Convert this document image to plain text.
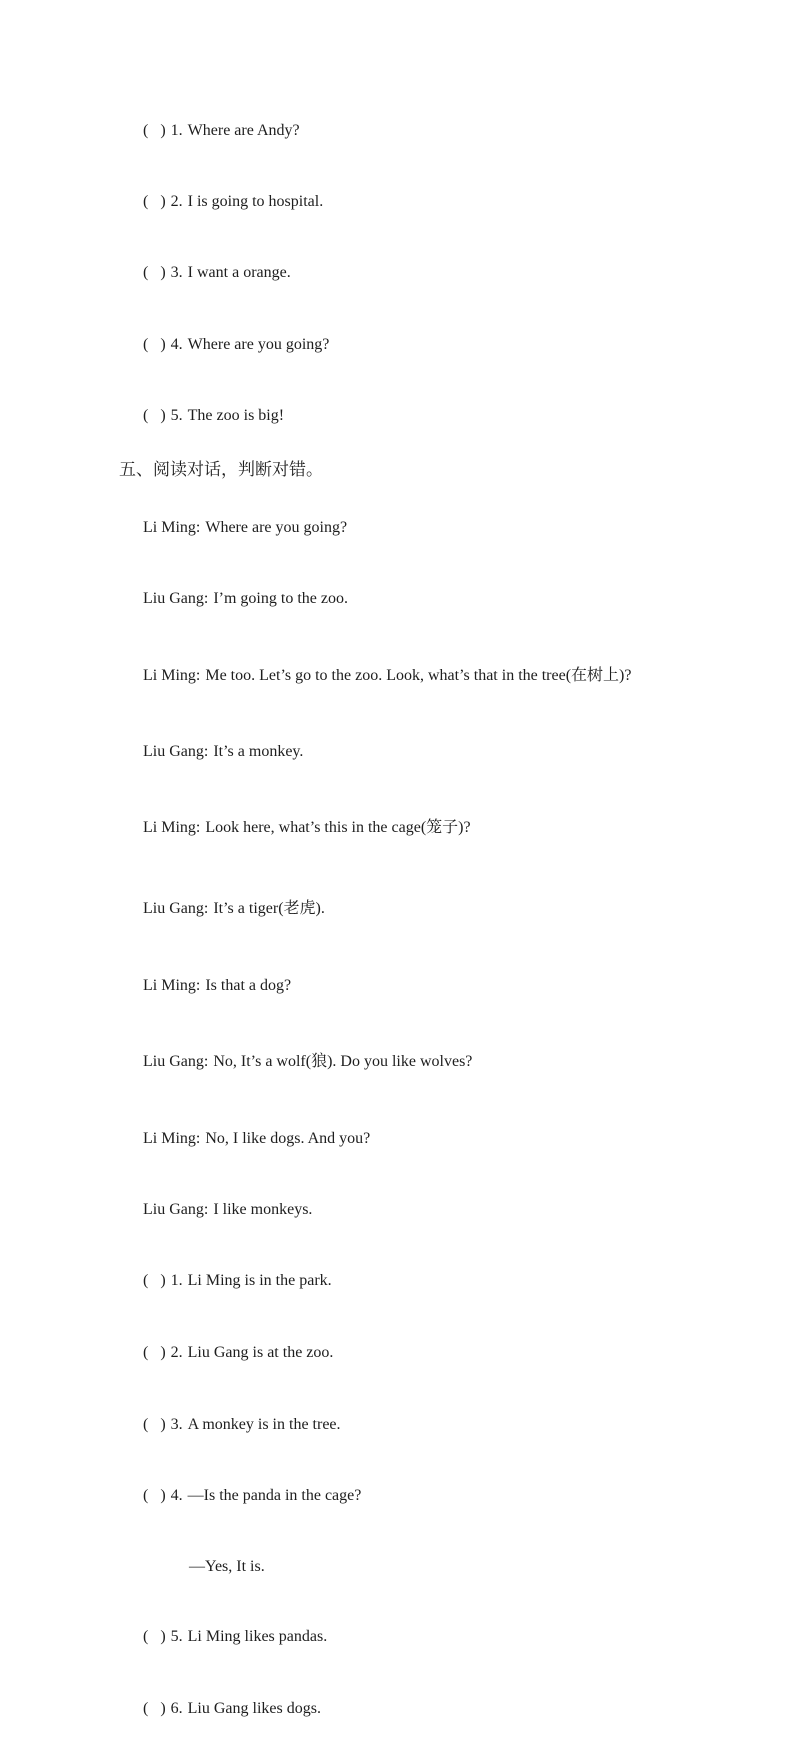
(   ) 1. Where are Andy?

(   ) 2. I is going to hospital.

(   ) 3. I want a orange.

(   ) 4. Where are you going?

(   ) 5. The zoo is big!

五、阅读对话，判断对错。

Li Ming: Where are you going?

Liu Gang: I’m going to the zoo.

Li Ming: Me too. Let’s go to the zoo. Look, what’s that in the tree(在树上)?

Liu Gang: It’s a monkey.

Li Ming: Look here, what’s this in the cage(笼子)?

Liu Gang: It’s a tiger(老虎).

Li Ming: Is that a dog?

Liu Gang: No, It’s a wolf(狼). Do you like wolves?

Li Ming: No, I like dogs. And you?

Liu Gang: I like monkeys.

(   ) 1. Li Ming is in the park.

(   ) 2. Liu Gang is at the zoo.

(   ) 3. A monkey is in the tree.

(   ) 4. —Is the panda in the cage?

—Yes, It is.

(   ) 5. Li Ming likes pandas.

(   ) 6. Liu Gang likes dogs.
